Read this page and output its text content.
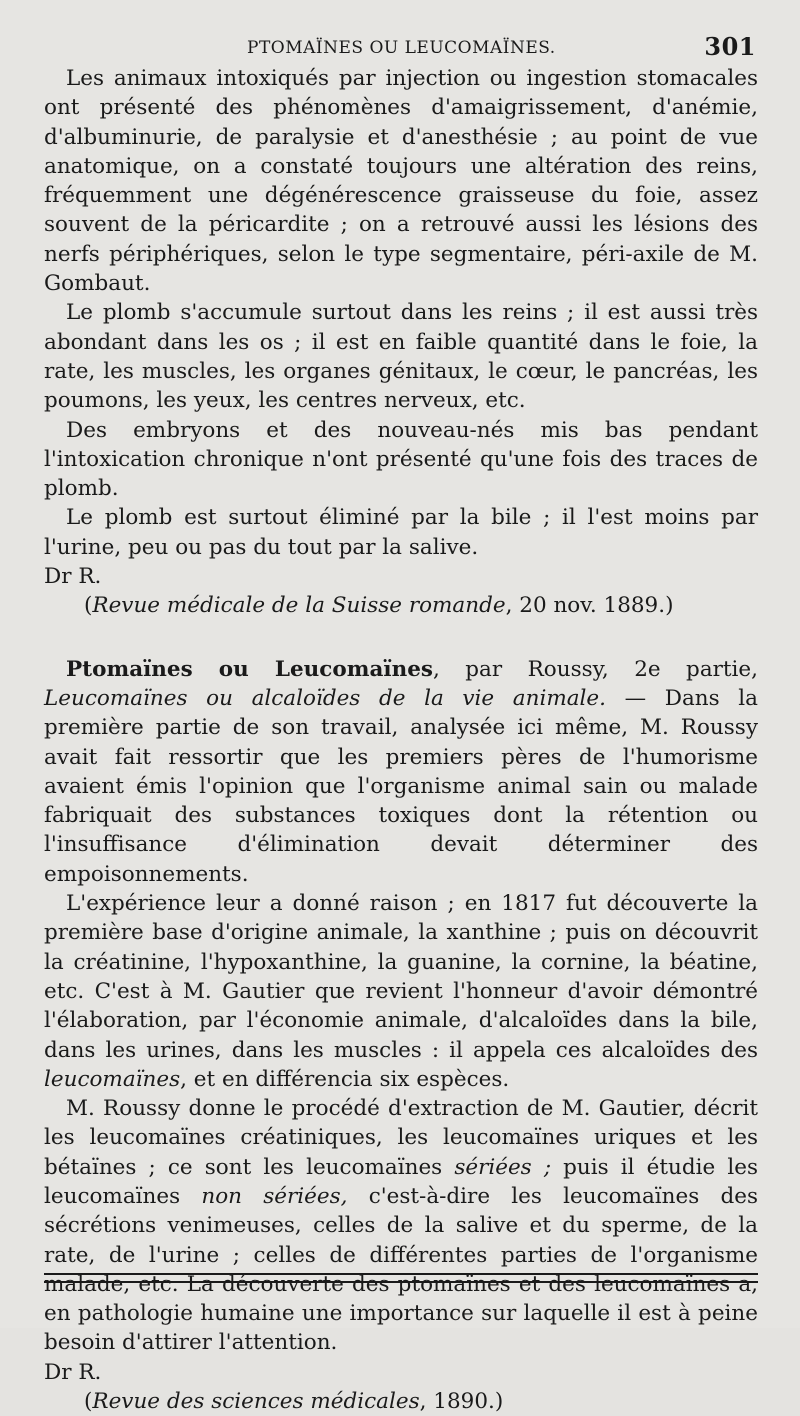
PTOMAÏNES OU LEUCOMAÏNES.	301

Les animaux intoxiqués par injection ou ingestion stomacales ont présenté des phénomènes d'amaigrissement, d'anémie, d'albuminurie, de paralysie et d'anesthésie ; au point de vue anatomique, on a constaté toujours une altération des reins, fréquemment une dégénérescence graisseuse du foie, assez souvent de la péricardite ; on a retrouvé aussi les lésions des nerfs périphériques, selon le type segmentaire, péri-axile de M. Gombaut.

Le plomb s'accumule surtout dans les reins ; il est aussi très abondant dans les os ; il est en faible quantité dans le foie, la rate, les muscles, les organes génitaux, le cœur, le pancréas, les poumons, les yeux, les centres nerveux, etc.

Des embryons et des nouveau-nés mis bas pendant l'intoxication chronique n'ont présenté qu'une fois des traces de plomb.

Le plomb est surtout éliminé par la bile ; il l'est moins par l'urine, peu ou pas du tout par la salive.

Dr R.

(Revue médicale de la Suisse romande, 20 nov. 1889.)

Ptomaïnes ou Leucomaïnes, par Roussy, 2e partie, Leucomaïnes ou alcaloïdes de la vie animale. — Dans la première partie de son travail, analysée ici même, M. Roussy avait fait ressortir que les premiers pères de l'humorisme avaient émis l'opinion que l'organisme animal sain ou malade fabriquait des substances toxiques dont la rétention ou l'insuffisance d'élimination devait déterminer des empoisonnements.

L'expérience leur a donné raison ; en 1817 fut découverte la première base d'origine animale, la xanthine ; puis on découvrit la créatinine, l'hypoxanthine, la guanine, la cornine, la béatine, etc. C'est à M. Gautier que revient l'honneur d'avoir démontré l'élaboration, par l'économie animale, d'alcaloïdes dans la bile, dans les urines, dans les muscles : il appela ces alcaloïdes des leucomaïnes, et en différencia six espèces.

M. Roussy donne le procédé d'extraction de M. Gautier, décrit les leucomaïnes créatiniques, les leucomaïnes uriques et les bétaïnes ; ce sont les leucomaïnes sériées ; puis il étudie les leucomaïnes non sériées, c'est-à-dire les leucomaïnes des sécrétions venimeuses, celles de la salive et du sperme, de la rate, de l'urine ; celles de différentes parties de l'organisme malade, etc. La découverte des ptomaïnes et des leucomaïnes a, en pathologie humaine une importance sur laquelle il est à peine besoin d'attirer l'attention.

Dr R.

(Revue des sciences médicales, 1890.)
